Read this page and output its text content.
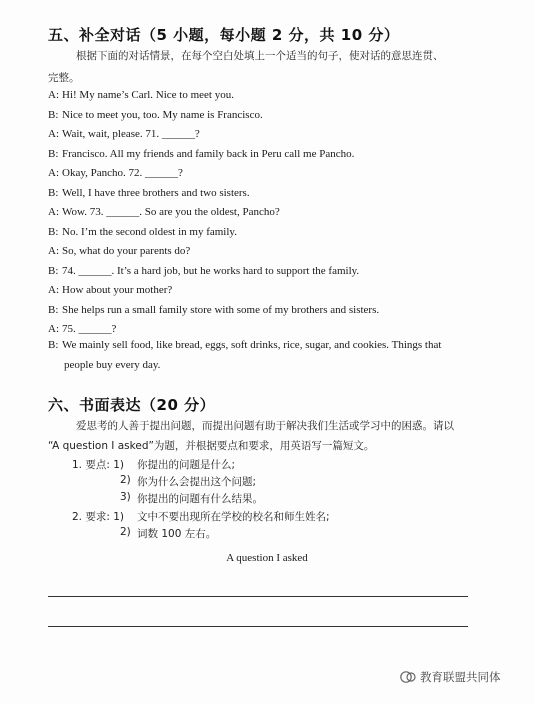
五、补全对话（5 小题，每小题 2 分，共 10 分）
根据下面的对话情景，在每个空白处填上一个适当的句子，使对话的意思连贯、
完整。
A: Hi! My name’s Carl. Nice to meet you.
B: Nice to meet you, too. My name is Francisco.
A: Wait, wait, please. 71. ______?
B: Francisco. All my friends and family back in Peru call me Pancho.
A: Okay, Pancho. 72. ______?
B: Well, I have three brothers and two sisters.
A: Wow. 73. ______. So are you the oldest, Pancho?
B: No. I’m the second oldest in my family.
A: So, what do your parents do?
B: 74. ______. It’s a hard job, but he works hard to support the family.
A: How about your mother?
B: She helps run a small family store with some of my brothers and sisters.
A: 75. ______?
B: We mainly sell food, like bread, eggs, soft drinks, rice, sugar, and cookies. Things that
people buy every day.
六、书面表达（20 分）
爱思考的人善于提出问题，而提出问题有助于解决我们生活或学习中的困惑。请以
“A question I asked”为题，并根据要点和要求，用英语写一篇短文。
1. 要点: 1) 你提出的问题是什么;
2) 你为什么会提出这个问题;
3) 你提出的问题有什么结果。
2. 要求: 1) 文中不要出现所在学校的校名和师生姓名;
2) 词数 100 左右。
A question I asked
教育联盟共同体
